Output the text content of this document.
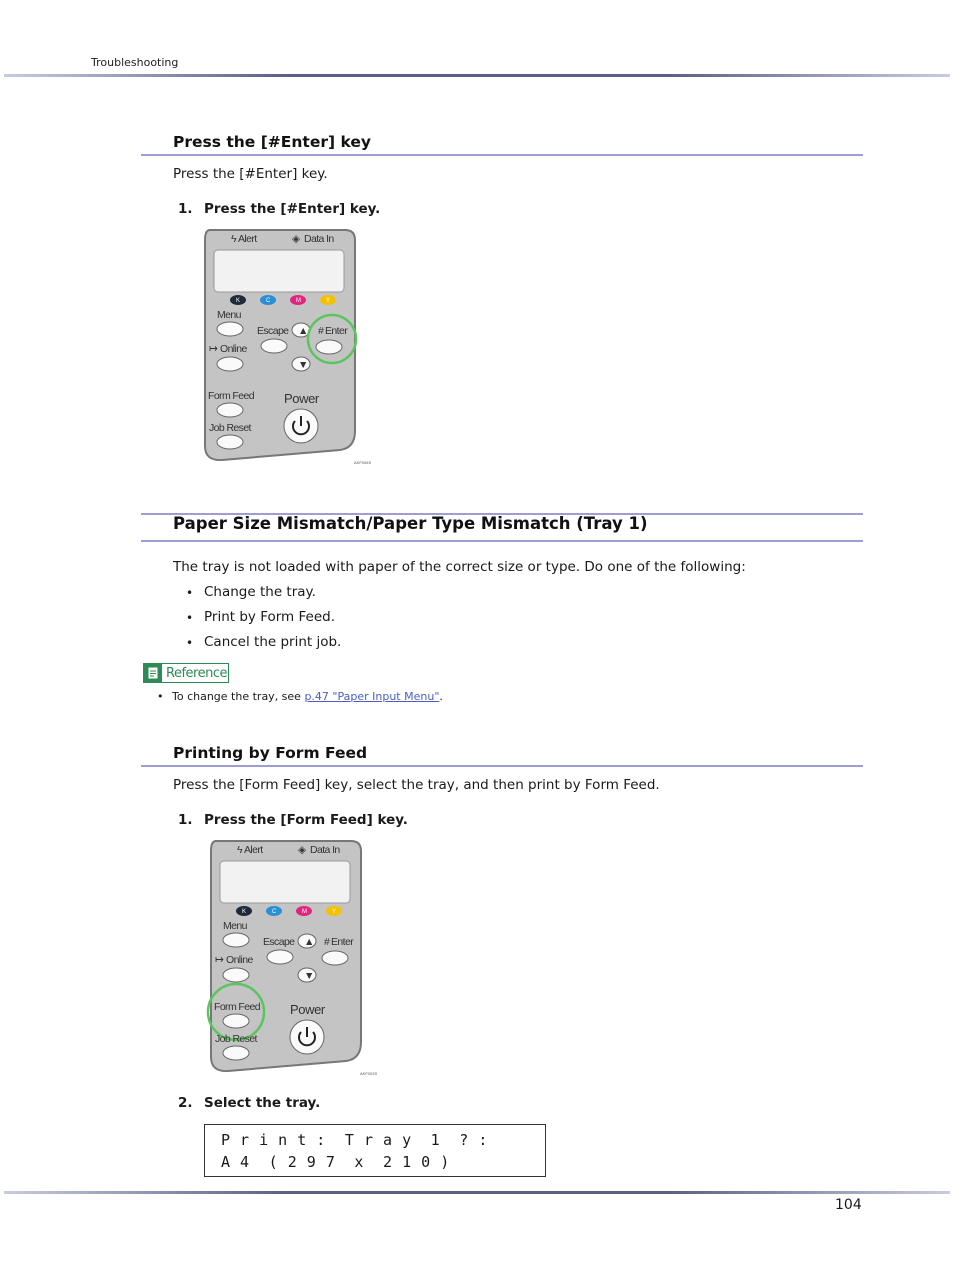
Troubleshooting
Press the [#Enter] key
Press the [#Enter] key.
1. Press the [#Enter] key.
ϟ Alert	◈ Data In
K	C	M	Y
Menu
Escape ▲
▼
# Enter
↦ Online
Form Feed
Job Reset
Power
AKF006S
Paper Size Mismatch/Paper Type Mismatch (Tray 1)
The tray is not loaded with paper of the correct size or type. Do one of the following:
• Change the tray.
• Print by Form Feed.
• Cancel the print job.
Reference
• To change the tray, see p.47 "Paper Input Menu".
Printing by Form Feed
Press the [Form Feed] key, select the tray, and then print by Form Feed.
1. Press the [Form Feed] key.
ϟ Alert	◈ Data In
K	C	M	Y
Menu
Escape ▲
▼
# Enter
↦ Online
Form Feed
Job Reset
Power
AKF003S
2. Select the tray.
P r i n t :  T r a y  1  ? :
A 4  ( 2 9 7  x  2 1 0 )
104
